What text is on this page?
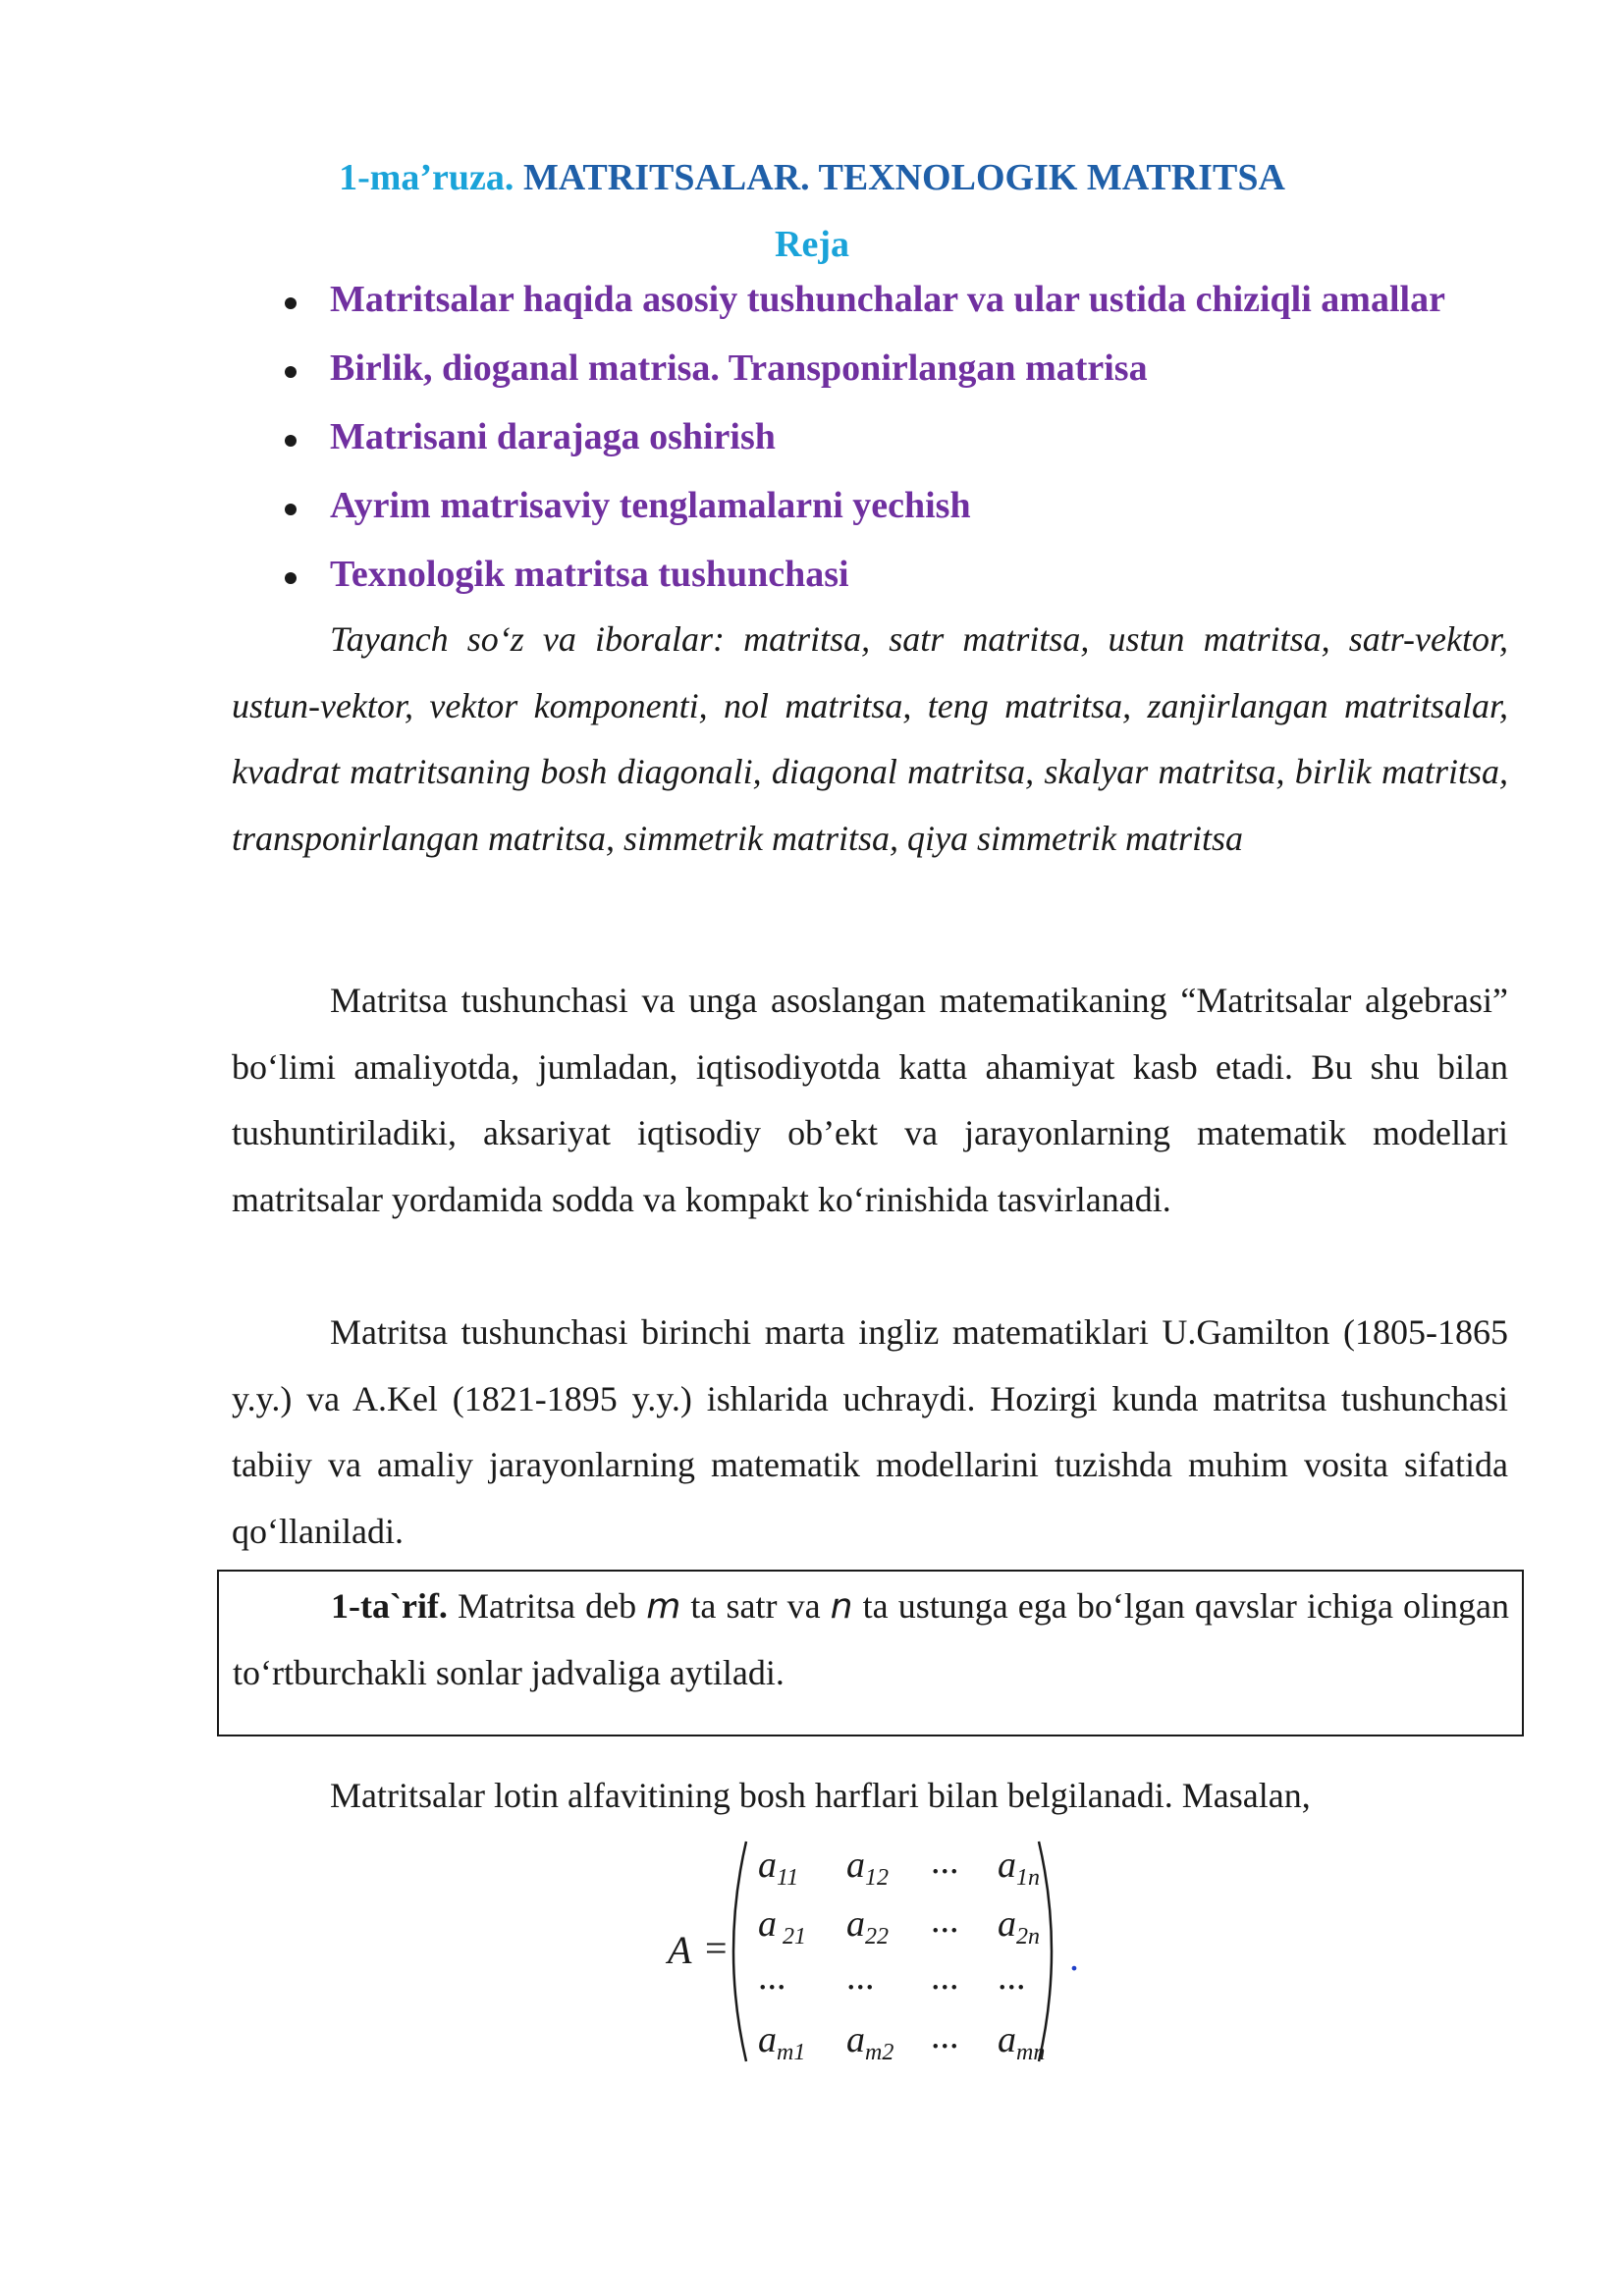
1-ma’ruza. MATRITSALAR. TEXNOLOGIK MATRITSA
Reja
Matritsalar haqida asosiy tushunchalar va ular ustida chiziqli amallar
Birlik, dioganal matrisa. Transponirlangan matrisa
Matrisani darajaga oshirish
Ayrim matrisaviy tenglamalarni yechish
Texnologik matritsa tushunchasi

Tayanch so‘z va iboralar: matritsa, satr matritsa, ustun matritsa, satr-vektor, ustun-vektor, vektor komponenti, nol matritsa, teng matritsa, zanjirlangan matritsalar, kvadrat matritsaning bosh diagonali, diagonal matritsa, skalyar matritsa, birlik matritsa, transponirlangan matritsa, simmetrik matritsa, qiya simmetrik matritsa

Matritsa tushunchasi va unga asoslangan matematikaning “Matritsalar algebrasi” bo‘limi amaliyotda, jumladan, iqtisodiyotda katta ahamiyat kasb etadi. Bu shu bilan tushuntiriladiki, aksariyat iqtisodiy ob’ekt va jarayonlarning matematik modellari matritsalar yordamida sodda va kompakt ko‘rinishida tasvirlanadi.

Matritsa tushunchasi birinchi marta ingliz matematiklari U.Gamilton (1805-1865 y.y.) va A.Kel (1821-1895 y.y.) ishlarida uchraydi. Hozirgi kunda matritsa tushunchasi tabiiy va amaliy jarayonlarning matematik modellarini tuzishda muhim vosita sifatida qo‘llaniladi.

1-ta`rif. Matritsa deb m ta satr va n ta ustunga ega bo‘lgan qavslar ichiga olingan to‘rtburchakli sonlar jadvaliga aytiladi.

Matritsalar lotin alfavitining bosh harflari bilan belgilanadi. Masalan,

A =
$a_{11}$ $a_{12}$ ... $a_{1n}$
a $_{21}$ $a_{22}$ ... $a_{2n}$
... ... ... ...
$a_{m1}$ $a_{m2}$ ... $a_{mn}$
.
